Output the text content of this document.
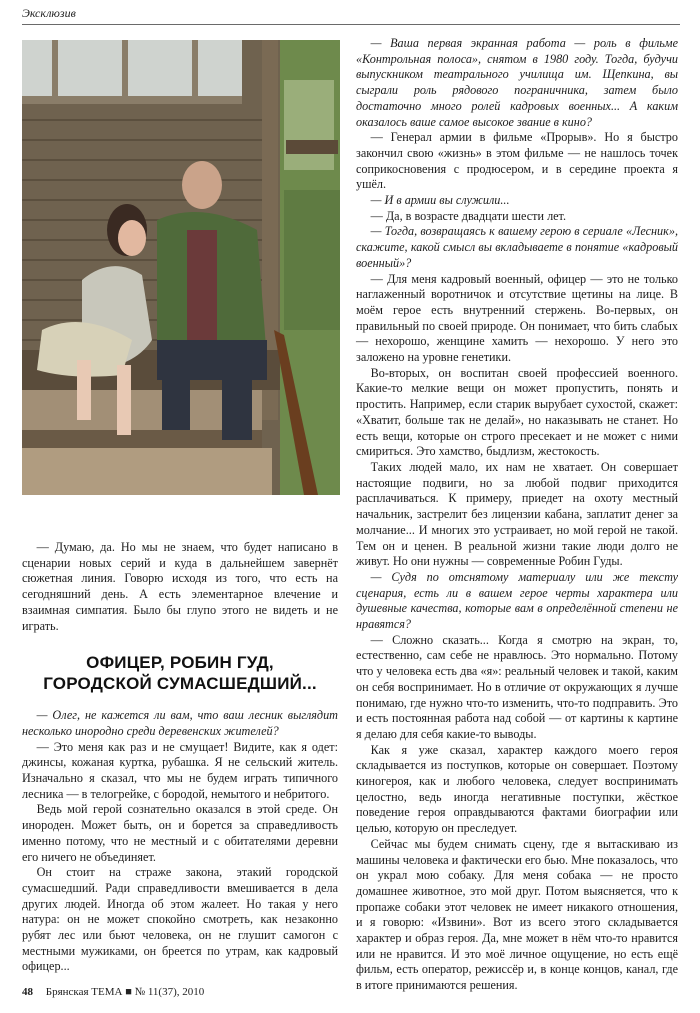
Эксклюзив

— Думаю, да. Но мы не знаем, что будет написано в сценарии новых серий и куда в дальнейшем завернёт сюжетная линия. Говорю исходя из того, что есть на сегодняшний день. А есть элементарное влечение и взаимная симпатия. Было бы глупо этого не видеть и не играть.

ОФИЦЕР, РОБИН ГУД,
ГОРОДСКОЙ СУМАСШЕДШИЙ...

— Олег, не кажется ли вам, что ваш лесник выглядит несколько инородно среди деревенских жителей?

— Это меня как раз и не смущает! Видите, как я одет: джинсы, кожаная куртка, рубашка. Я не сельский житель. Изначально я сказал, что мы не будем играть типичного лесника — в телогрейке, с бородой, немытого и небритого.

Ведь мой герой сознательно оказался в этой среде. Он инороден. Может быть, он и борется за справедливость именно потому, что не местный и с обитателями деревни его ничего не объединяет.

Он стоит на страже закона, этакий городской сумасшедший. Ради справедливости вмешивается в дела других людей. Иногда об этом жалеет. Но такая у него натура: он не может спокойно смотреть, как незаконно рубят лес или бьют человека, он не глушит самогон с местными мужиками, он бреется по утрам, как кадровый офицер...

— Ваша первая экранная работа — роль в фильме «Контрольная полоса», снятом в 1980 году. Тогда, будучи выпускником театрального училища им. Щепкина, вы сыграли роль рядового пограничника, затем было достаточно много ролей кадровых военных... А каким оказалось ваше самое высокое звание в кино?

— Генерал армии в фильме «Прорыв». Но я быстро закончил свою «жизнь» в этом фильме — не нашлось точек соприкосновения с продюсером, и в середине проекта я ушёл.

— И в армии вы служили...

— Да, в возрасте двадцати шести лет.

— Тогда, возвращаясь к вашему герою в сериале «Лесник», скажите, какой смысл вы вкладываете в понятие «кадровый военный»?

— Для меня кадровый военный, офицер — это не только наглаженный воротничок и отсутствие щетины на лице. В моём герое есть внутренний стержень. Во-первых, он правильный по своей природе. Он понимает, что бить слабых — нехорошо, женщине хамить — нехорошо. У него это заложено на уровне генетики.

Во-вторых, он воспитан своей профессией военного. Какие-то мелкие вещи он может пропустить, понять и простить. Например, если старик вырубает сухостой, скажет: «Хватит, больше так не делай», но наказывать не станет. Но есть вещи, которые он строго пресекает и не может с ними смириться. Это хамство, быдлизм, жестокость.

Таких людей мало, их нам не хватает. Он совершает настоящие подвиги, но за любой подвиг приходится расплачиваться. К примеру, приедет на охоту местный начальник, застрелит без лицензии кабана, заплатит денег за молчание... И многих это устраивает, но мой герой не такой. Тем он и ценен. В реальной жизни такие люди долго не живут. Но они нужны — современные Робин Гуды.

— Судя по отснятому материалу или же тексту сценария, есть ли в вашем герое черты характера или душевные качества, которые вам в определённой степени не нравятся?

— Сложно сказать... Когда я смотрю на экран, то, естественно, сам себе не нравлюсь. Это нормально. Потому что у человека есть два «я»: реальный человек и такой, каким он себя воспринимает. Но в отличие от окружающих я лучше понимаю, где нужно что-то изменить, что-то подправить. Это и есть постоянная работа над собой — от картины к картине я делаю для себя какие-то выводы.

Как я уже сказал, характер каждого моего героя складывается из поступков, которые он совершает. Поэтому киногероя, как и любого человека, следует воспринимать целостно, ведь иногда негативные поступки, жёсткое поведение героя оправдываются фактами биографии или целью, которую он преследует.

Сейчас мы будем снимать сцену, где я вытаскиваю из машины человека и фактически его бью. Мне показалось, что он украл мою собаку. Для меня собака — не просто домашнее животное, это мой друг. Потом выясняется, что к пропаже собаки этот человек не имеет никакого отношения, и я говорю: «Извини». Вот из всего этого складывается характер и образ героя. Да, мне может в нём что-то нравится или не нравится. И это моё личное ощущение, но есть ещё фильм, есть оператор, режиссёр и, в конце концов, канал, где в итоге принимаются решения.

48 Брянская ТЕМА ■ № 11(37), 2010
